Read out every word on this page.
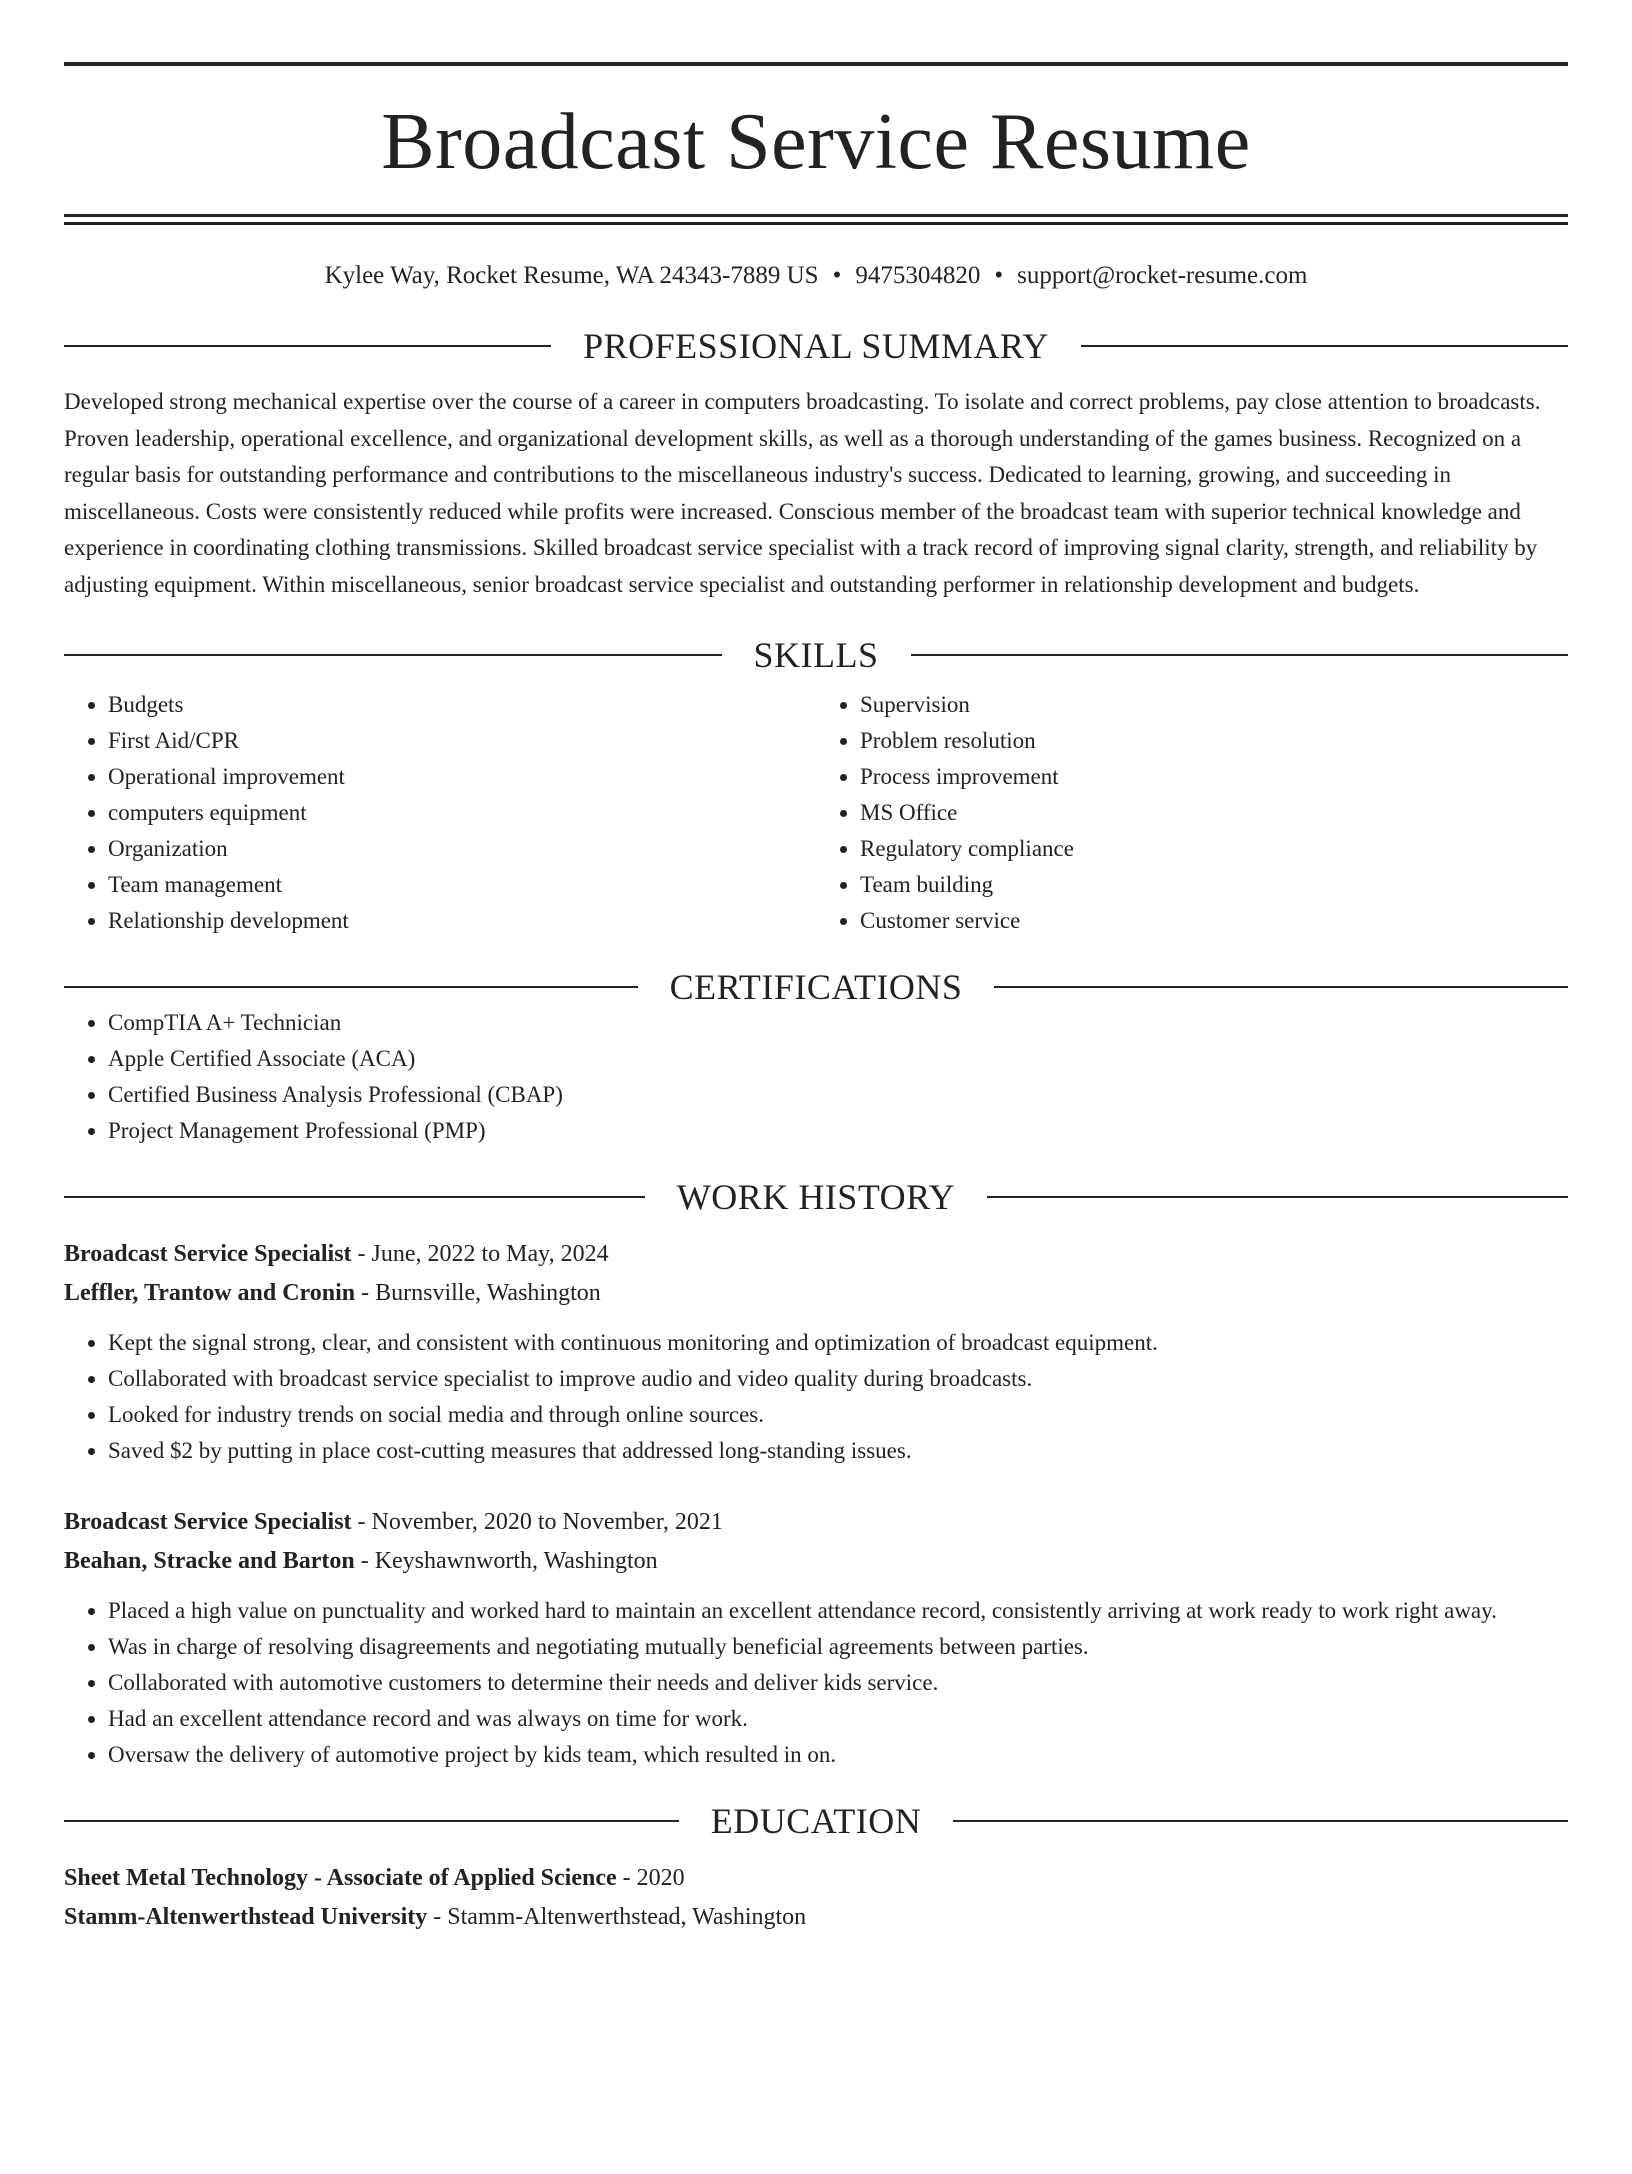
Broadcast Service Resume
Kylee Way, Rocket Resume, WA 24343-7889 US • 9475304820 • support@rocket-resume.com
PROFESSIONAL SUMMARY

Developed strong mechanical expertise over the course of a career in computers broadcasting. To isolate and correct problems, pay close attention to broadcasts. Proven leadership, operational excellence, and organizational development skills, as well as a thorough understanding of the games business. Recognized on a regular basis for outstanding performance and contributions to the miscellaneous industry's success. Dedicated to learning, growing, and succeeding in miscellaneous. Costs were consistently reduced while profits were increased. Conscious member of the broadcast team with superior technical knowledge and experience in coordinating clothing transmissions. Skilled broadcast service specialist with a track record of improving signal clarity, strength, and reliability by adjusting equipment. Within miscellaneous, senior broadcast service specialist and outstanding performer in relationship development and budgets.

SKILLS
• Budgets
• First Aid/CPR
• Operational improvement
• computers equipment
• Organization
• Team management
• Relationship development
• Supervision
• Problem resolution
• Process improvement
• MS Office
• Regulatory compliance
• Team building
• Customer service
CERTIFICATIONS
• CompTIA A+ Technician
• Apple Certified Associate (ACA)
• Certified Business Analysis Professional (CBAP)
• Project Management Professional (PMP)
WORK HISTORY
Broadcast Service Specialist - June, 2022 to May, 2024
Leffler, Trantow and Cronin - Burnsville, Washington
• Kept the signal strong, clear, and consistent with continuous monitoring and optimization of broadcast equipment.
• Collaborated with broadcast service specialist to improve audio and video quality during broadcasts.
• Looked for industry trends on social media and through online sources.
• Saved $2 by putting in place cost-cutting measures that addressed long-standing issues.
Broadcast Service Specialist - November, 2020 to November, 2021
Beahan, Stracke and Barton - Keyshawnworth, Washington
• Placed a high value on punctuality and worked hard to maintain an excellent attendance record, consistently arriving at work ready to work right away.
• Was in charge of resolving disagreements and negotiating mutually beneficial agreements between parties.
• Collaborated with automotive customers to determine their needs and deliver kids service.
• Had an excellent attendance record and was always on time for work.
• Oversaw the delivery of automotive project by kids team, which resulted in on.
EDUCATION
Sheet Metal Technology - Associate of Applied Science - 2020
Stamm-Altenwerthstead University - Stamm-Altenwerthstead, Washington
